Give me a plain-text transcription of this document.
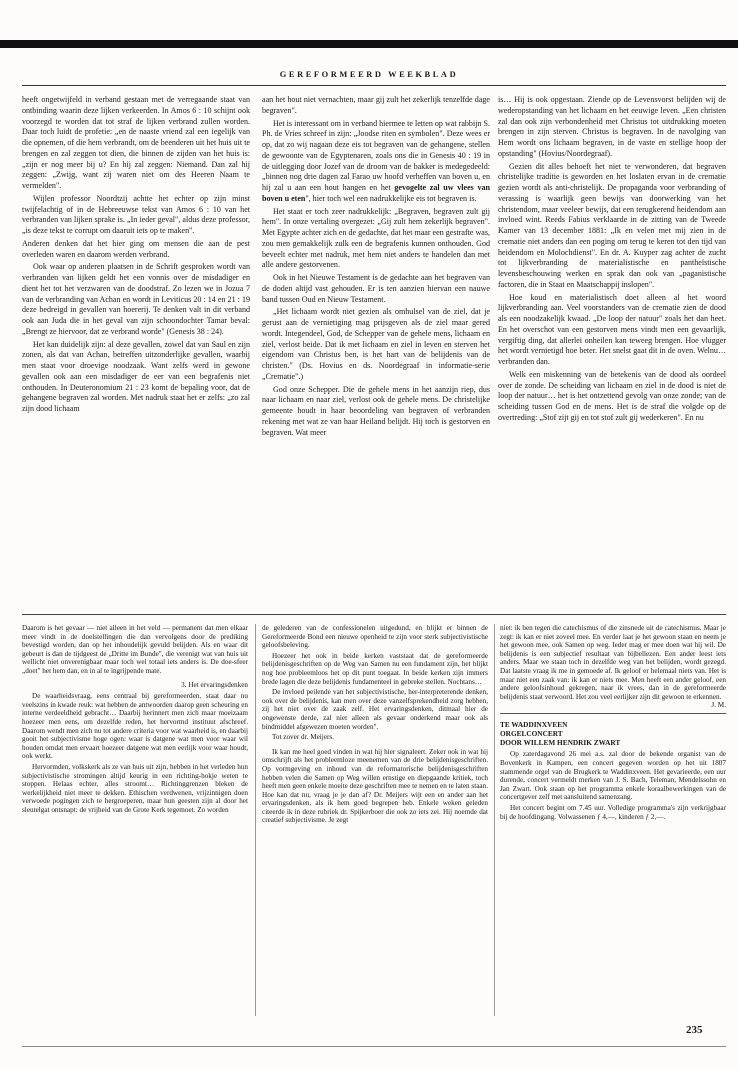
GEREFORMEERD WEEKBLAD

heeft ongetwijfeld in verband gestaan met de verregaande staat van ontbinding waarin deze lijken verkeerden. In Amos 6 : 10 schijnt ook voorzegd te worden dat tot straf de lijken verbrand zullen worden. Daar toch luidt de profetie: „en de naaste vriend zal een iegelijk van die opnemen, of die hem verbrandt, om de beenderen uit het huis uit te brengen en zal zeggen tot dien, die binnen de zijden van het huis is: „zijn er nog meer bij u? En hij zal zeggen: Niemand. Dan zal hij zeggen: „Zwijg, want zij waren niet om des Heeren Naam te vermelden".

Wijlen professor Noordtzij achtte het echter op zijn minst twijfelachtig of in de Hebreeuwse tekst van Amos 6 : 10 van het verbranden van lijken sprake is. „In ieder geval", aldus deze professor, „is deze tekst te corrupt om daaruit iets op te maken".

Anderen denken dat het hier ging om mensen die aan de pest overleden waren en daarom werden verbrand.

Ook waar op anderen plaatsen in de Schrift gesproken wordt van verbranden van lijken geldt het een vonnis over de misdadiger en dient het tot het verzwaren van de doodstraf. Zo lezen we in Jozua 7 van de verbranding van Achan en wordt in Leviticus 20 : 14 en 21 : 19 deze bedreigd in gevallen van hoererij. Te denken valt in dit verband ook aan Juda die in het geval van zijn schoondochter Tamar beval: „Brengt ze hiervoor, dat ze verbrand worde" (Genesis 38 : 24).

Het kan duidelijk zijn: al deze gevallen, zowel dat van Saul en zijn zonen, als dat van Achan, betreffen uitzonderlijke gevallen, waarbij men staat voor droevige noodzaak. Want zelfs werd in gewone gevallen ook aan een misdadiger de eer van een begrafenis niet onthouden. In Deuteronomium 21 : 23 komt de bepaling voor, dat de gehangene begraven zal worden. Met nadruk staat het er zelfs: „zo zal zijn dood lichaam

aan het hout niet vernachten, maar gij zult het zekerlijk tenzelfde dage begraven".

Het is interessant om in verband hiermee te letten op wat rabbijn S. Ph. de Vries schreef in zijn: „Joodse riten en symbolen". Deze wees er op, dat zo wij nagaan deze eis tot begraven van de gehangene, stellen de gewoonte van de Egyptenaren, zoals ons die in Genesis 40 : 19 in de uitlegging door Jozef van de droom van de bakker is medegedeeld: „binnen nog drie dagen zal Farao uw hoofd verheffen van boven u, en hij zal u aan een hout hangen en het gevogelte zal uw vlees van boven u eten", hier toch wel een nadrukkelijke eis tot begraven is.

Het staat er toch zeer nadrukkelijk: „Begraven, begraven zult gij hem". In onze vertaling overgezet: „Gij zult hem zekerlijk begraven". Met Egypte achter zich en de gedachte, dat het maar een gestrafte was, zou men gemakkelijk zulk een de begrafenis kunnen onthouden. God beveelt echter met nadruk, met hem niet anders te handelen dan met alle andere gestorvenen.

Ook in het Nieuwe Testament is de gedachte aan het begraven van de doden altijd vast gehouden. Er is ten aanzien hiervan een nauwe band tussen Oud en Nieuw Testament.

„Het lichaam wordt niet gezien als omhulsel van de ziel, dat je gerust aan de vernietiging mag prijsgeven als de ziel maar gered wordt. Integendeel, God, de Schepper van de gehele mens, lichaam en ziel, verlost beide. Dat ik met lichaam en ziel in leven en sterven het eigendom van Christus ben, is het hart van de belijdenis van de christen." (Ds. Hovius en ds. Noordegraaf in informatie-serie „Crematie".)

God onze Schepper. Die de gehele mens in het aanzijn riep, dus naar lichaam en naar ziel, verlost ook de gehele mens. De christelijke gemeente houdt in haar beoordeling van begraven of verbranden rekening met wat ze van haar Heiland belijdt. Hij toch is gestorven en begraven. Wat meer

is… Hij is ook opgestaan. Ziende op de Levensvorst belijden wij de wederopstanding van het lichaam en het eeuwige leven. „Een christen zal dan ook zijn verbondenheid met Christus tot uitdrukking moeten brengen in zijn sterven. Christus is begraven. In de navolging van Hem wordt ons lichaam begraven, in de vaste en stellige hoop der opstanding" (Hovius/Noordegraaf).

Gezien dit alles behoeft het niet te verwonderen, dat begraven christelijke traditie is geworden en het loslaten ervan in de crematie gezien wordt als anti-christelijk. De propaganda voor verbranding of verassing is waarlijk geen bewijs van doorwerking van het christendom, maar veeleer bewijs, dat een terugkerend heidendom aan invloed wint. Reeds Fabius verklaarde in de zitting van de Tweede Kamer van 13 december 1881: „Ik en velen met mij zien in de crematie niet anders dan een poging om terug te keren tot den tijd van heidendom en Molochdienst". En dr. A. Kuyper zag achter de zucht tot lijkverbranding de materialistische en pantheïstische levensbeschouwing werken en sprak dan ook van „paganistische factoren, die in Staat en Maatschappij inslopen".

Hoe koud en materialistisch doet alleen al het woord lijkverbranding aan. Veel voorstanders van de crematie zien de dood als een noodzakelijk kwaad. „De loop der natuur" zoals het dan heet. En het overschot van een gestorven mens vindt men een gevaarlijk, vergiftig ding, dat allerlei onheilen kan teweeg brengen. Hoe vlugger het wordt vernietigd hoe beter. Het snelst gaat dit in de oven. Welnu… verbranden dan.

Welk een miskenning van de betekenis van de dood als oordeel over de zonde. De scheiding van lichaam en ziel in de dood is niet de loop der natuur… het is het ontzettend gevolg van onze zonde; van de scheiding tussen God en de mens. Het is de straf die volgde op de overtreding: „Stof zijt gij en tot stof zult gij wederkeren". En nu

Daarom is het gevaar — niet alleen in het veld — permanent dat men elkaar meer vindt in de doelstellingen die dan vervolgens door de prediking bevestigd worden, dan op het inhoudelijk gevuld belijden. Als en waar dit gebeurt is dan de tijdgeest de „Dritte im Bunde", die verenigt wat van huis uit wellicht niet onverenigbaar maar toch wel totaal iets anders is. De doe-sfeer „doet" het hem dan, en in al te ingrijpende mate.

3. Het ervaringsdenken

De waarheidsvraag, eens centraal bij gereformeerden, staat daar nu veelszins in kwade reuk: wat hebben de antwoorden daarop geen scheuring en interne verdeeldheid gebracht… Daarbij herinnert men zich maar moeizaam hoezeer men eens, om dezelfde reden, het hervormd instituut afschreef. Daarom wendt men zich nu tot andere criteria voor wat waarheid is, en daarbij gooit het subjectivisme hoge ogen: waar is datgene wat men voor waar wil houden omdat men ervaart hoezeer datgene wat men eerlijk voor waar houdt, ook werkt.

Hervormden, volkskerk als ze van huis uit zijn, hebben in het verleden hun subjectivistische stromingen altijd keurig in een richting-hokje weten te stoppen. Helaas echter, alles stroomt… Richtinggrenzen bleken de werkelijkheid niet meer te dekken. Ethischen verdwenen, vrijzinnigen doen verwoede pogingen zich te hergroeperen, maar hun geesten zijn al door het sleutelgat ontsnapt: de vrijheid van de Grote Kerk tegemoet. Zo worden

de gelederen van de confessionelen uitgedund, en blijkt er binnen de Gereformeerde Bond een nieuwe openheid te zijn voor sterk subjectivistische geloofsbeleving.

Hoezeer het ook in beide kerken vaststaat dat de gereformeerde belijdenisgeschriften op de Weg van Samen nu een fundament zijn, het blijkt nog hoe probleemloos het op dit punt toegaat. In beide kerken zijn immers brede lagen die deze belijdenis fundamenteel in gebreke stellen. Nochtans…

De invloed peilende van het subjectivistische, her-interpreterende denken, ook over de belijdenis, kan men over deze vanzelfsprekendheid zorg hebben, zij het niet over de zaak zelf. Het ervaringsdenken, ditmaal hier de ongewenste derde, zal niet alleen als gevaar onderkend maar ook als bindmiddel afgewezen moeten worden".

Tot zover dr. Meijers.

Ik kan me heel goed vinden in wat hij hier signaleert. Zeker ook in wat hij omschrijft als het probleemloze meenemen van de drie belijdenisgeschriften. Op vormgeving en inhoud van de reformatorische belijdenisgeschriften hebben velen die Samen op Weg willen ernstige en diepgaande kritiek, toch heeft men geen enkele moeite deze geschriften mee te nemen en te laten staan. Hoe kan dat nu, vraag je je dan af? Dr. Meijers wijt een en ander aan het ervaringsdenken, als ik hem goed begrepen heb. Enkele weken geleden citeerde ik in deze rubriek dr. Spijkerboer die ook zo iets zei. Hij noemde dat creatief subjectivisme. Je zegt

niet: ik ben tegen die catechismus of die zinsnede uit de catechismus. Maar je zegt: ik kan er niet zoveel mee. En verder laat je het gewoon staan en neem je het gewoon mee, ook Samen op weg. Ieder mag er mee doen wat hij wil. De belijdenis is een subjectief resultaat van bijbellezen. Een ander leest iets anders. Maar we staan toch in dezelfde weg van het belijden, wordt gezegd. Dat laatste vraag ik me in gemoede af. Ik geloof er helemaal niets van. Het is maar niet een zaak van: ik kan er niets mee. Men heeft een ander geloof, een andere geloofsinhoud gekregen, naar ik vrees, dan in de gereformeerde belijdenis staat verwoord. Het zou veel eerlijker zijn dit gewoon te erkennen.
J. M.

TE WADDINXVEEN
ORGELCONCERT
DOOR WILLEM HENDRIK ZWART

Op zaterdagavond 26 mei a.s. zal door de bekende organist van de Bovenkerk in Kampen, een concert gegeven worden op het uit 1807 stammende orgel van de Brugkerk te Waddinxveen. Het gevarieerde, een uur durende, concert vermeldt merken van J. S. Bach, Teleman, Mendelssohn en Jan Zwart. Ook staan op het programma enkele koraalbewerkingen van de concertgever zelf met aansluitend samenzang.

Het concert begint om 7.45 uur. Volledige programma's zijn verkrijgbaar bij de hoofdingang. Volwassenen ƒ 4,—, kinderen ƒ 2,—.

235
